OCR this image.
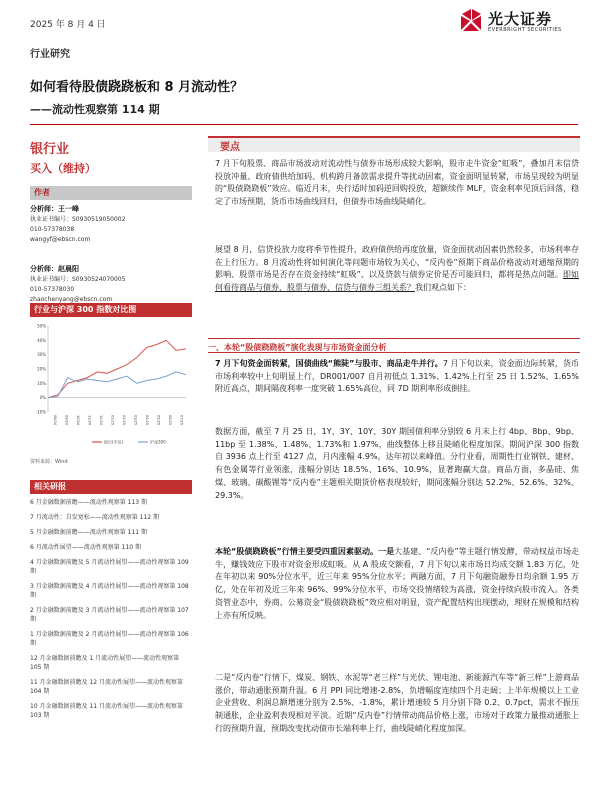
2025 年 8 月 4 日	光大证券
EVERBRIGHT SECURITIES
行业研究
如何看待股债跷跷板和 8 月流动性？
——流动性观察第 114 期
银行业
买入（维持）
作者
分析师：王一峰
执业证书编号：S0930519050002
010-57378038
wangyf@ebscn.com
分析师：赵晨阳
执业证书编号：S0930524070005
010-57378030
zhaochenyang@ebscn.com
行业与沪深 300 指数对比图
50%
40%
30%
20%
10%
0%
-10%
08/24 09/24 10/24 11/24 12/24 01/25 02/25 03/25 04/25 05/25 06/25 07/25
银行(中信)	沪深300
资料来源：Wind
相关研报
6 月金融数据前瞻——流动性观察第 113 期
7 月流动性：自发宽松——流动性观察第 112 期
5 月金融数据前瞻——流动性观察第 111 期
6 月流动性展望——流动性观察第 110 期
4 月金融数据前瞻及 5 月流动性展望——流动性观察第 109 期
3 月金融数据前瞻及 4 月流动性展望——流动性观察第 108 期
2 月金融数据前瞻及 3 月流动性展望——流动性观察第 107 期
1 月金融数据前瞻及 2 月流动性展望——流动性观察第 106 期
12 月金融数据前瞻及 1 月流动性展望——流动性观察第 105 期
11 月金融数据前瞻及 12 月流动性展望——流动性观察第 104 期
10 月金融数据前瞻及 11 月流动性展望——流动性观察第 103 期
要点
7 月下旬股票、商品市场波动对流动性与债券市场形成较大影响，股市走牛资金“虹吸”，叠加月末信贷投放冲量、政府债供给加码、机构跨月备款需求提升等扰动因素，资金面明显转紧，市场呈现较为明显的“股债跷跷板”效应。临近月末，央行适时加码逆回购投放，超额续作 MLF，资金利率见顶后回落，稳定了市场预期，货币市场曲线回归，但债券市场曲线陡峭化。
展望 8 月，信贷投放力度将季节性提升，政府债供给再度放量，资金面扰动因素仍然较多，市场利率存在上行压力。8 月流动性将如何演化等问题市场较为关心，“反内卷”预期下商品价格波动对通缩预期的影响、股票市场是否存在资金持续“虹吸”、以及贷款与债券定价是否可能回归，都将是热点问题。即如何看待商品与债券、股票与债券、信贷与债券三组关系？我们观点如下：
一、本轮“股债跷跷板”演化表现与市场资金面分析
7 月下旬资金面转紧，国债曲线“熊陡”与股市、商品走牛并行。7 月下旬以来，资金面边际转紧，货币市场利率较中上旬明显上行，DR001/007 自月初低点 1.31%、1.42%上行至 25 日 1.52%、1.65%附近高点，期间隔夜利率一度突破 1.65%高位，同 7D 期利率形成倒挂。
数据方面，截至 7 月 25 日，1Y、3Y、10Y、30Y 期国债利率分别较 6 月末上行 4bp、8bp、9bp、11bp 至 1.38%、1.48%、1.73%和 1.97%，曲线整体上移且陡峭化程度加深。期间沪深 300 指数自 3936 点上行至 4127 点，月内涨幅 4.9%，达年初以来峰值。分行业看，周期性行业钢铁、建材、有色金属等行业领涨，涨幅分别达 18.5%、16%、10.9%，显著跑赢大盘。商品方面，多晶硅、焦煤、玻璃、碳酸锂等“反内卷”主题相关期货价格表现较好，期间涨幅分别达 52.2%、52.6%、32%、29.3%。
本轮“股债跷跷板”行情主要受四重因素驱动。一是大基建、“反内卷”等主题行情发酵，带动权益市场走牛，赚钱效应下股市对资金形成虹吸。从 A 股成交额看，7 月下旬以来市场日均成交额 1.83 万亿，处在年初以来 90%分位水平，近三年来 95%分位水平；两融方面，7 月下旬融资融券日均余额 1.95 万亿，处在年初及近三年来 96%、99%分位水平，市场交投情绪较为高涨，资金持续向股市流入。各类资管业态中，券商、公募资金“股债跷跷板”效应相对明显，资产配置结构出现摆动，理财在规模和结构上亦有所反映。
二是“反内卷”行情下，煤炭、钢铁、水泥等“老三样”与光伏、锂电池、新能源汽车等“新三样”上游商品涨价，带动通胀预期升温。6 月 PPI 同比增速-2.8%，负增幅度连续四个月走阔；上半年规模以上工业企业营收、利润总额增速分别为 2.5%、-1.8%，累计增速较 5 月分别下降 0.2、0.7pct，需求不振压制通胀，企业盈利表现相对平淡。近期“反内卷”行情带动商品价格上涨，市场对于政策力量推动通胀上行的预期升温，预期改变扰动债市长端利率上行，曲线陡峭化程度加深。
